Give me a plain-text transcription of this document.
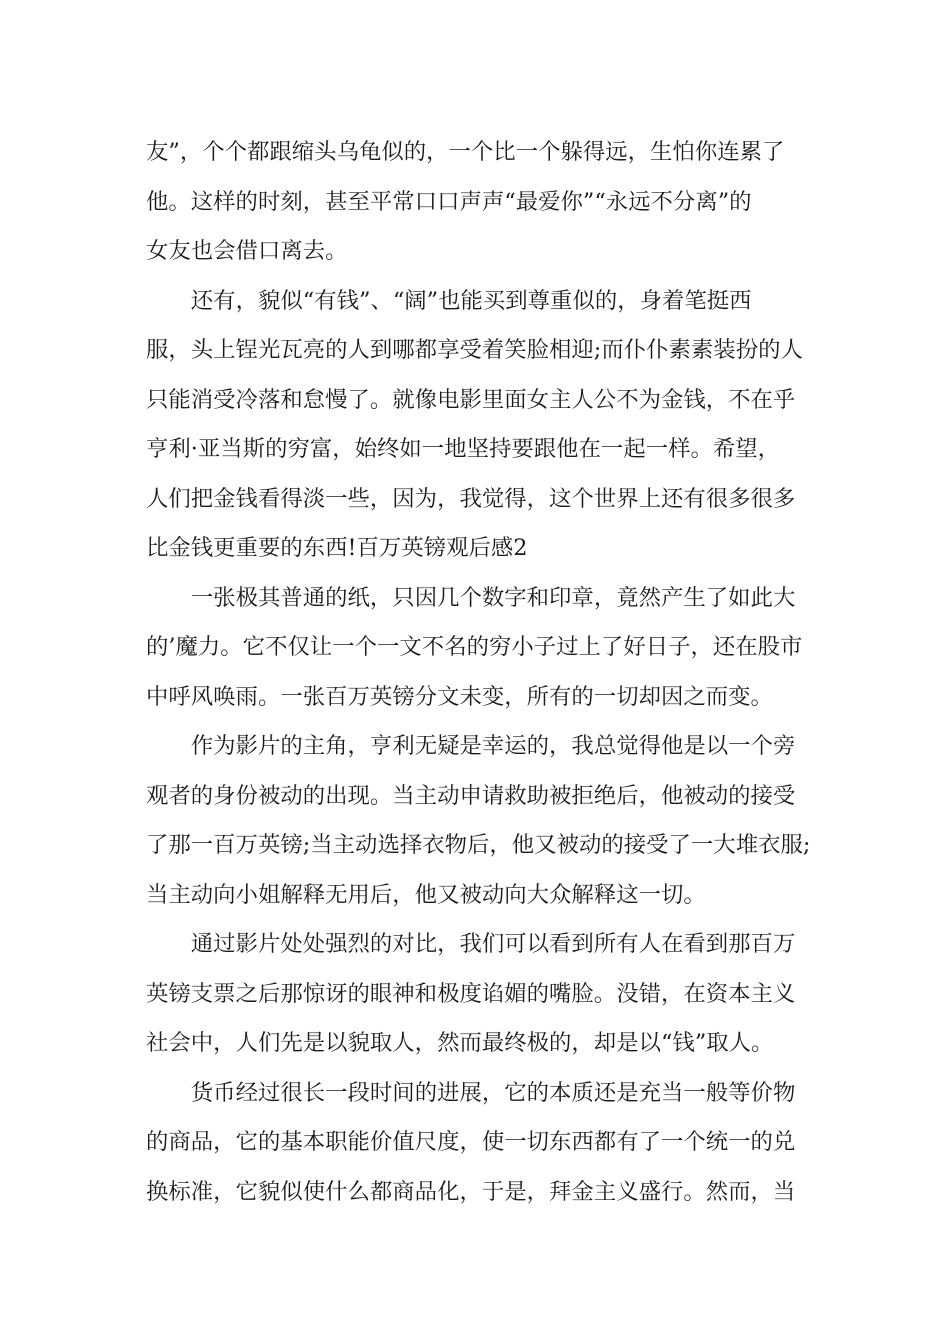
友”，个个都跟缩头乌龟似的，一个比一个躲得远，生怕你连累了
他。这样的时刻，甚至平常口口声声“最爱你”“永远不分离”的
女友也会借口离去。

还有，貌似“有钱”、“阔”也能买到尊重似的，身着笔挺西
服，头上锃光瓦亮的人到哪都享受着笑脸相迎;而仆仆素素装扮的人
只能消受冷落和怠慢了。就像电影里面女主人公不为金钱，不在乎
亨利·亚当斯的穷富，始终如一地坚持要跟他在一起一样。希望，
人们把金钱看得淡一些，因为，我觉得，这个世界上还有很多很多
比金钱更重要的东西!百万英镑观后感2

一张极其普通的纸，只因几个数字和印章，竟然产生了如此大
的’魔力。它不仅让一个一文不名的穷小子过上了好日子，还在股市
中呼风唤雨。一张百万英镑分文未变，所有的一切却因之而变。

作为影片的主角，亨利无疑是幸运的，我总觉得他是以一个旁
观者的身份被动的出现。当主动申请救助被拒绝后，他被动的接受
了那一百万英镑;当主动选择衣物后，他又被动的接受了一大堆衣服;
当主动向小姐解释无用后，他又被动向大众解释这一切。

通过影片处处强烈的对比，我们可以看到所有人在看到那百万
英镑支票之后那惊讶的眼神和极度谄媚的嘴脸。没错，在资本主义
社会中，人们先是以貌取人，然而最终极的，却是以“钱”取人。

货币经过很长一段时间的进展，它的本质还是充当一般等价物
的商品，它的基本职能价值尺度，使一切东西都有了一个统一的兑
换标准，它貌似使什么都商品化，于是，拜金主义盛行。然而，当
